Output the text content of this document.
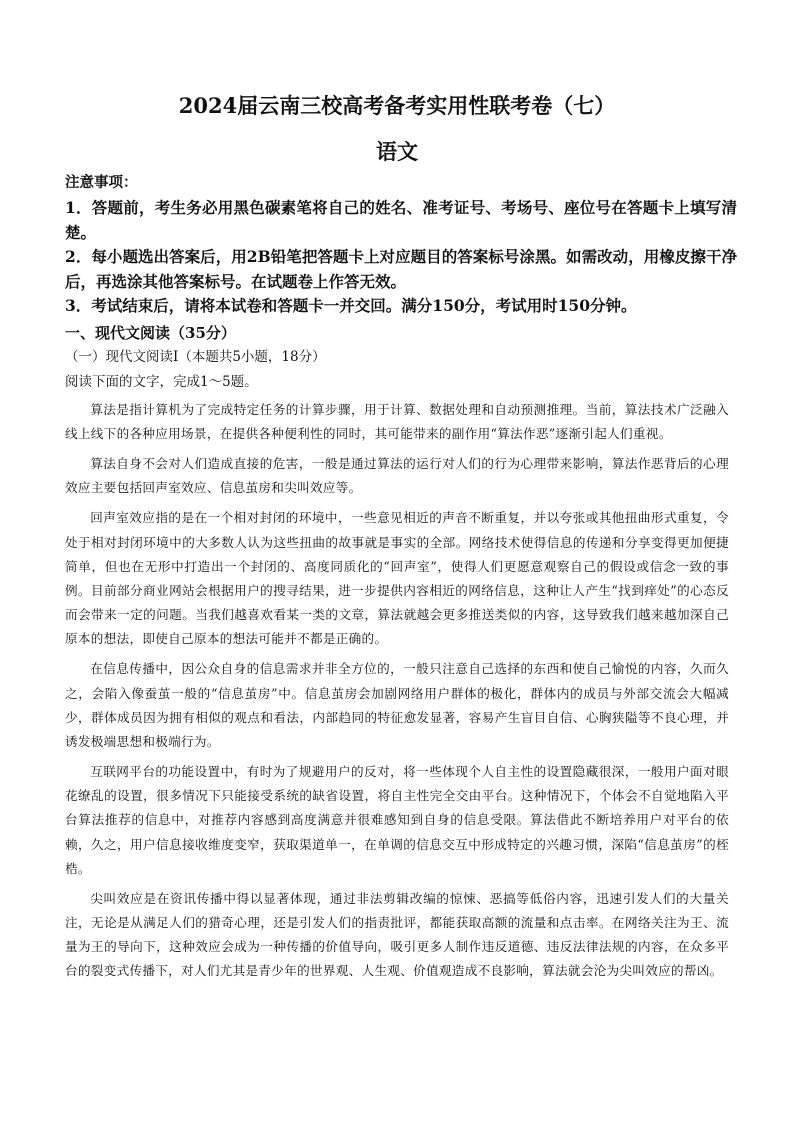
2024届云南三校高考备考实用性联考卷（七）
语文
注意事项：
1．答题前，考生务必用黑色碳素笔将自己的姓名、准考证号、考场号、座位号在答题卡上填写清楚。
2．每小题选出答案后，用2B铅笔把答题卡上对应题目的答案标号涂黑。如需改动，用橡皮擦干净后，再选涂其他答案标号。在试题卷上作答无效。
3．考试结束后，请将本试卷和答题卡一并交回。满分150分，考试用时150分钟。
一、现代文阅读（35分）
（一）现代文阅读Ⅰ（本题共5小题，18分）
阅读下面的文字，完成1～5题。

算法是指计算机为了完成特定任务的计算步骤，用于计算、数据处理和自动预测推理。当前，算法技术广泛融入线上线下的各种应用场景，在提供各种便利性的同时，其可能带来的副作用“算法作恶”逐渐引起人们重视。

算法自身不会对人们造成直接的危害，一般是通过算法的运行对人们的行为心理带来影响，算法作恶背后的心理效应主要包括回声室效应、信息茧房和尖叫效应等。

回声室效应指的是在一个相对封闭的环境中，一些意见相近的声音不断重复，并以夸张或其他扭曲形式重复，令处于相对封闭环境中的大多数人认为这些扭曲的故事就是事实的全部。网络技术使得信息的传递和分享变得更加便捷简单，但也在无形中打造出一个封闭的、高度同质化的“回声室”，使得人们更愿意观察自己的假设或信念一致的事例。目前部分商业网站会根据用户的搜寻结果，进一步提供内容相近的网络信息，这种让人产生“找到痒处”的心态反而会带来一定的问题。当我们越喜欢看某一类的文章，算法就越会更多推送类似的内容，这导致我们越来越加深自己原本的想法，即使自己原本的想法可能并不都是正确的。

在信息传播中，因公众自身的信息需求并非全方位的，一般只注意自己选择的东西和使自己愉悦的内容，久而久之，会陷入像蚕茧一般的“信息茧房”中。信息茧房会加剧网络用户群体的极化，群体内的成员与外部交流会大幅减少，群体成员因为拥有相似的观点和看法，内部趋同的特征愈发显著，容易产生盲目自信、心胸狭隘等不良心理，并诱发极端思想和极端行为。

互联网平台的功能设置中，有时为了规避用户的反对，将一些体现个人自主性的设置隐藏很深，一般用户面对眼花缭乱的设置，很多情况下只能接受系统的缺省设置，将自主性完全交由平台。这种情况下，个体会不自觉地陷入平台算法推荐的信息中，对推荐内容感到高度满意并很难感知到自身的信息受限。算法借此不断培养用户对平台的依赖，久之，用户信息接收维度变窄，获取渠道单一，在单调的信息交互中形成特定的兴趣习惯，深陷“信息茧房”的桎梏。

尖叫效应是在资讯传播中得以显著体现，通过非法剪辑改编的惊悚、恶搞等低俗内容，迅速引发人们的大量关注，无论是从满足人们的猎奇心理，还是引发人们的指责批评，都能获取高额的流量和点击率。在网络关注为王、流量为王的导向下，这种效应会成为一种传播的价值导向，吸引更多人制作违反道德、违反法律法规的内容，在众多平台的裂变式传播下，对人们尤其是青少年的世界观、人生观、价值观造成不良影响，算法就会沦为尖叫效应的帮凶。
